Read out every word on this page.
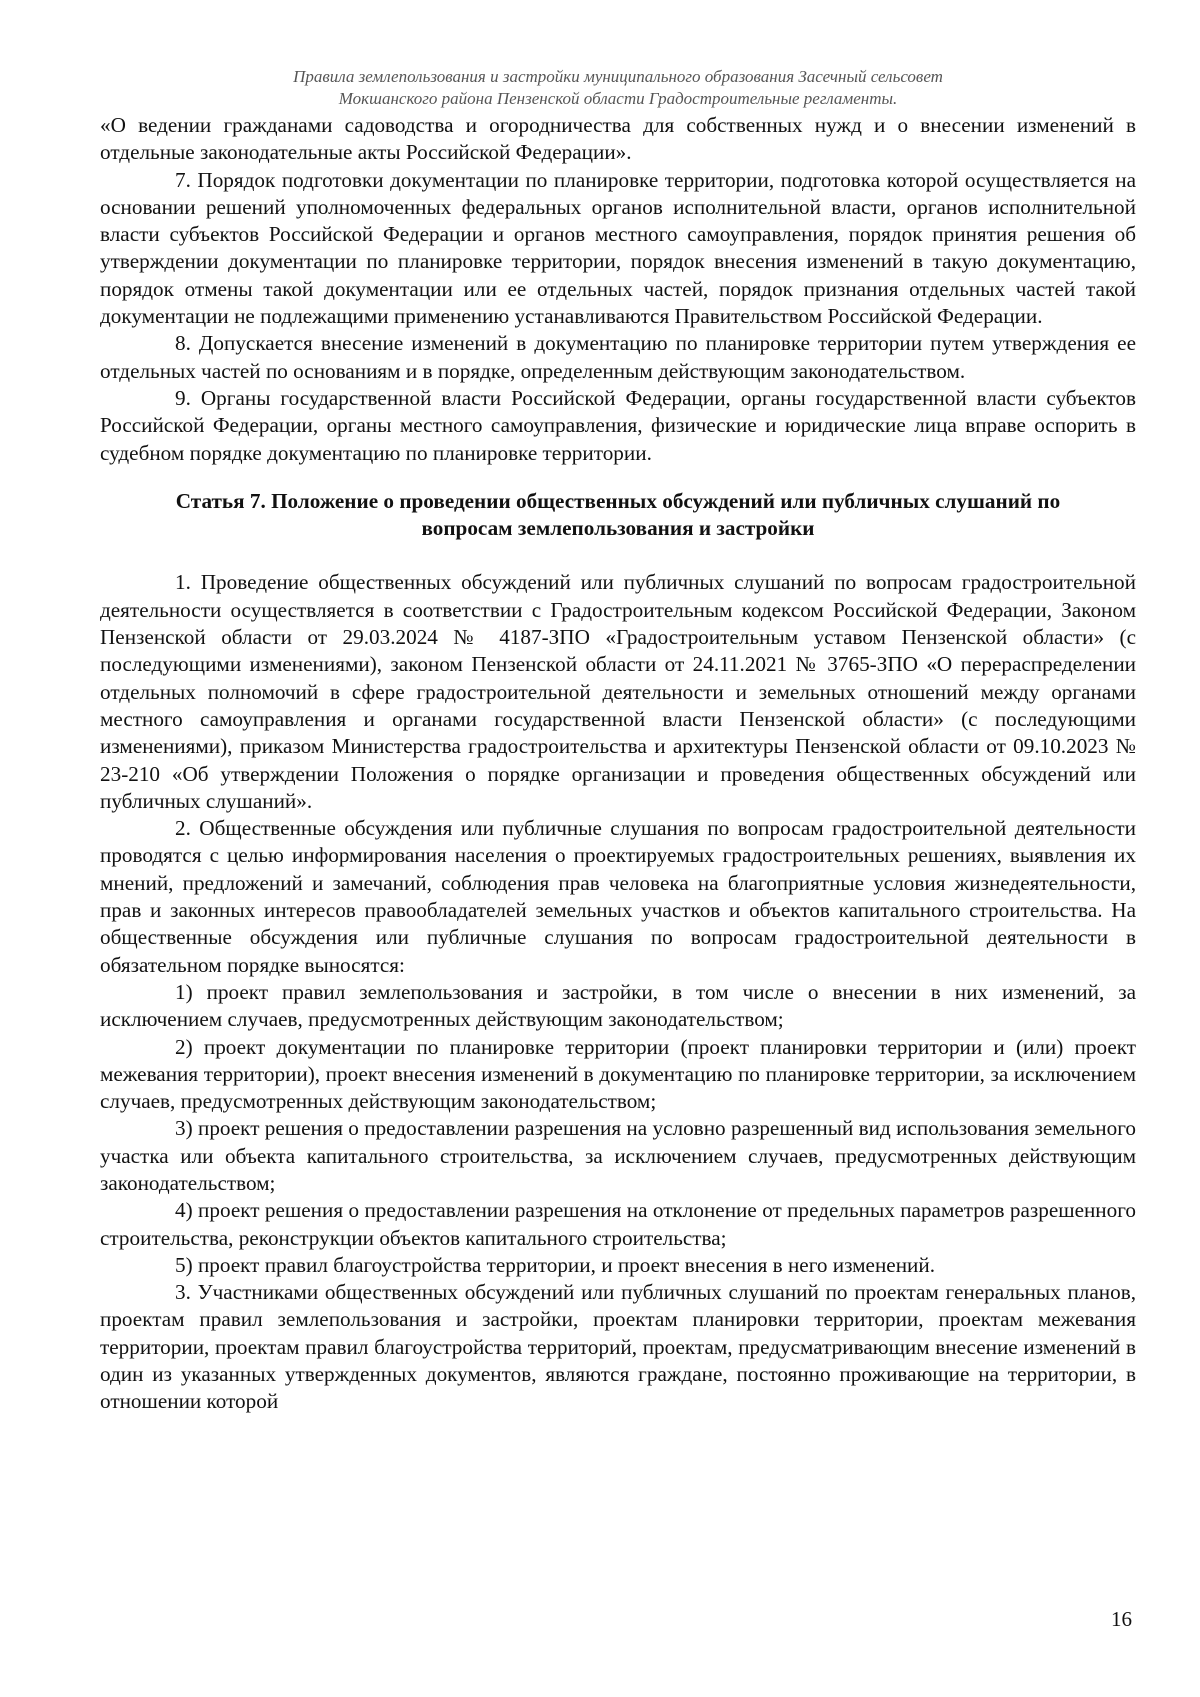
Правила землепользования и застройки муниципального образования Засечный сельсовет
Мокшанского района Пензенской области Градостроительные регламенты.

«О ведении гражданами садоводства и огородничества для собственных нужд и о внесении изменений в отдельные законодательные акты Российской Федерации».

7. Порядок подготовки документации по планировке территории, подготовка которой осуществляется на основании решений уполномоченных федеральных органов исполнительной власти, органов исполнительной власти субъектов Российской Федерации и органов местного самоуправления, порядок принятия решения об утверждении документации по планировке территории, порядок внесения изменений в такую документацию, порядок отмены такой документации или ее отдельных частей, порядок признания отдельных частей такой документации не подлежащими применению устанавливаются Правительством Российской Федерации.

8. Допускается внесение изменений в документацию по планировке территории путем утверждения ее отдельных частей по основаниям и в порядке, определенным действующим законодательством.

9. Органы государственной власти Российской Федерации, органы государственной власти субъектов Российской Федерации, органы местного самоуправления, физические и юридические лица вправе оспорить в судебном порядке документацию по планировке территории.

Статья 7. Положение о проведении общественных обсуждений или публичных слушаний по
вопросам землепользования и застройки

1. Проведение общественных обсуждений или публичных слушаний по вопросам градостроительной деятельности осуществляется в соответствии с Градостроительным кодексом Российской Федерации, Законом Пензенской области от 29.03.2024 № 4187-ЗПО «Градостроительным уставом Пензенской области» (с последующими изменениями), законом Пензенской области от 24.11.2021 № 3765-ЗПО «О перераспределении отдельных полномочий в сфере градостроительной деятельности и земельных отношений между органами местного самоуправления и органами государственной власти Пензенской области» (с последующими изменениями), приказом Министерства градостроительства и архитектуры Пензенской области от 09.10.2023 № 23-210 «Об утверждении Положения о порядке организации и проведения общественных обсуждений или публичных слушаний».

2. Общественные обсуждения или публичные слушания по вопросам градостроительной деятельности проводятся с целью информирования населения о проектируемых градостроительных решениях, выявления их мнений, предложений и замечаний, соблюдения прав человека на благоприятные условия жизнедеятельности, прав и законных интересов правообладателей земельных участков и объектов капитального строительства. На общественные обсуждения или публичные слушания по вопросам градостроительной деятельности в обязательном порядке выносятся:

1) проект правил землепользования и застройки, в том числе о внесении в них изменений, за исключением случаев, предусмотренных действующим законодательством;

2) проект документации по планировке территории (проект планировки территории и (или) проект межевания территории), проект внесения изменений в документацию по планировке территории, за исключением случаев, предусмотренных действующим законодательством;

3) проект решения о предоставлении разрешения на условно разрешенный вид использования земельного участка или объекта капитального строительства, за исключением случаев, предусмотренных действующим законодательством;

4) проект решения о предоставлении разрешения на отклонение от предельных параметров разрешенного строительства, реконструкции объектов капитального строительства;

5) проект правил благоустройства территории, и проект внесения в него изменений.

3. Участниками общественных обсуждений или публичных слушаний по проектам генеральных планов, проектам правил землепользования и застройки, проектам планировки территории, проектам межевания территории, проектам правил благоустройства территорий, проектам, предусматривающим внесение изменений в один из указанных утвержденных документов, являются граждане, постоянно проживающие на территории, в отношении которой

16
